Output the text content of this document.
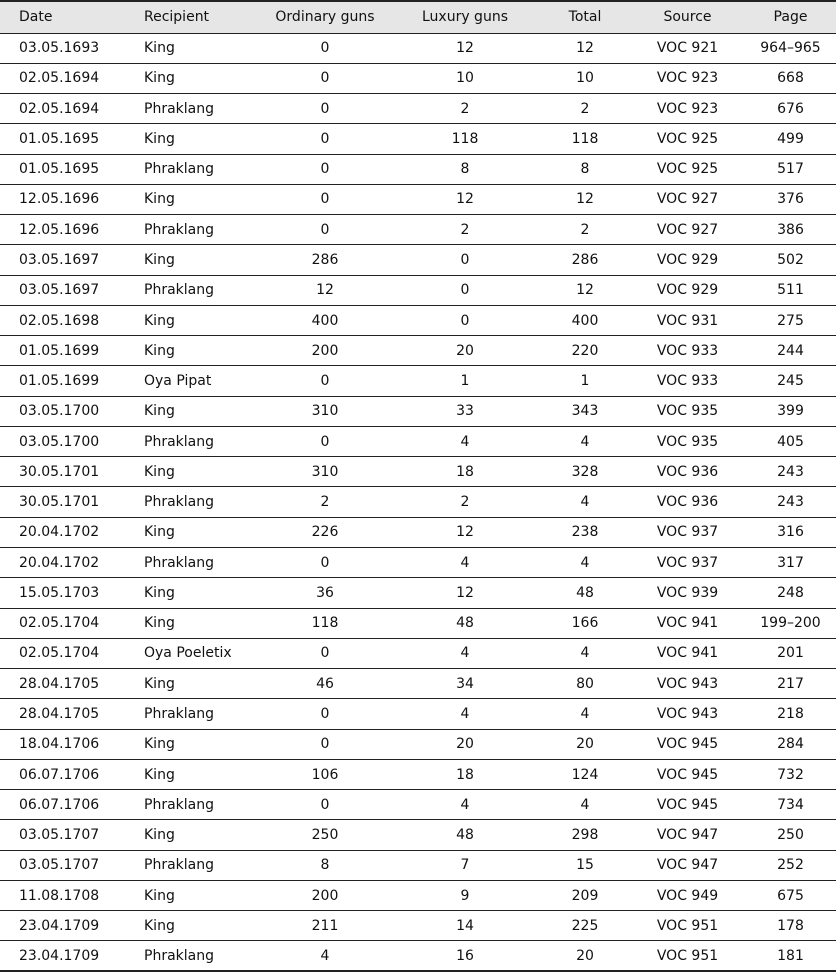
Date	Recipient	Ordinary guns	Luxury guns	Total	Source	Page
03.05.1693	King	0	12	12	VOC 921	964–965
02.05.1694	King	0	10	10	VOC 923	668
02.05.1694	Phraklang	0	2	2	VOC 923	676
01.05.1695	King	0	118	118	VOC 925	499
01.05.1695	Phraklang	0	8	8	VOC 925	517
12.05.1696	King	0	12	12	VOC 927	376
12.05.1696	Phraklang	0	2	2	VOC 927	386
03.05.1697	King	286	0	286	VOC 929	502
03.05.1697	Phraklang	12	0	12	VOC 929	511
02.05.1698	King	400	0	400	VOC 931	275
01.05.1699	King	200	20	220	VOC 933	244
01.05.1699	Oya Pipat	0	1	1	VOC 933	245
03.05.1700	King	310	33	343	VOC 935	399
03.05.1700	Phraklang	0	4	4	VOC 935	405
30.05.1701	King	310	18	328	VOC 936	243
30.05.1701	Phraklang	2	2	4	VOC 936	243
20.04.1702	King	226	12	238	VOC 937	316
20.04.1702	Phraklang	0	4	4	VOC 937	317
15.05.1703	King	36	12	48	VOC 939	248
02.05.1704	King	118	48	166	VOC 941	199–200
02.05.1704	Oya Poeletix	0	4	4	VOC 941	201
28.04.1705	King	46	34	80	VOC 943	217
28.04.1705	Phraklang	0	4	4	VOC 943	218
18.04.1706	King	0	20	20	VOC 945	284
06.07.1706	King	106	18	124	VOC 945	732
06.07.1706	Phraklang	0	4	4	VOC 945	734
03.05.1707	King	250	48	298	VOC 947	250
03.05.1707	Phraklang	8	7	15	VOC 947	252
11.08.1708	King	200	9	209	VOC 949	675
23.04.1709	King	211	14	225	VOC 951	178
23.04.1709	Phraklang	4	16	20	VOC 951	181
